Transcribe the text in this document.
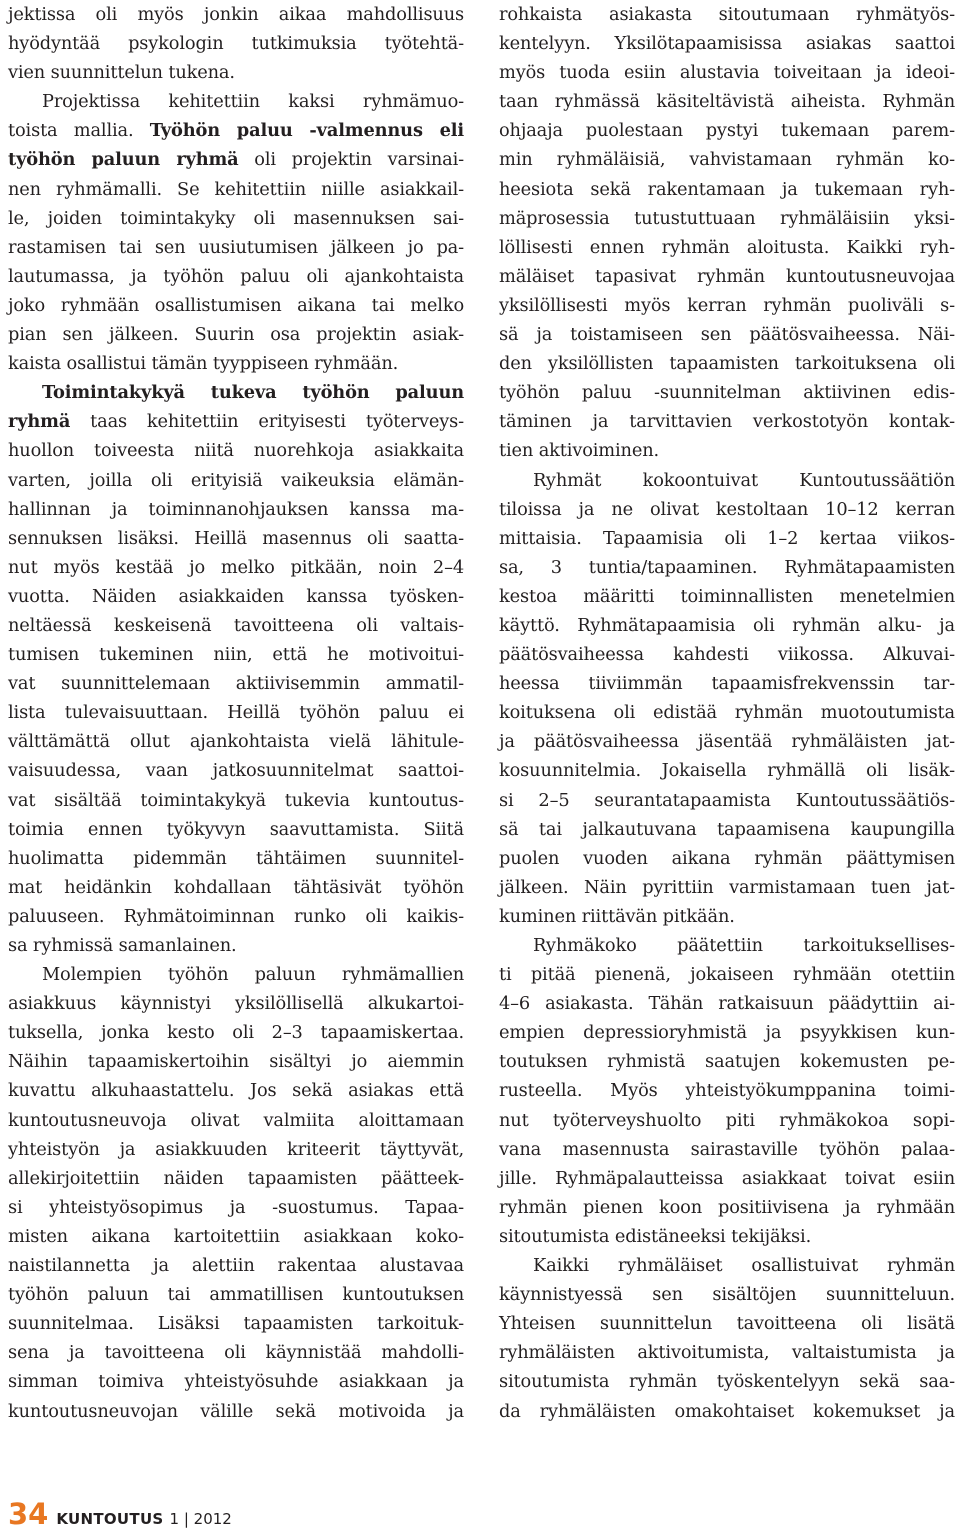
jektissa oli myös jonkin aikaa mahdollisuus
hyödyntää psykologin tutkimuksia työtehtä-
vien suunnittelun tukena.
Projektissa kehitettiin kaksi ryhmämuo-
toista mallia. Työhön paluu -valmennus eli
työhön paluun ryhmä oli projektin varsinai-
nen ryhmämalli. Se kehitettiin niille asiakkail-
le, joiden toimintakyky oli masennuksen sai-
rastamisen tai sen uusiutumisen jälkeen jo pa-
lautumassa, ja työhön paluu oli ajankohtaista
joko ryhmään osallistumisen aikana tai melko
pian sen jälkeen. Suurin osa projektin asiak-
kaista osallistui tämän tyyppiseen ryhmään.
Toimintakykyä tukeva työhön paluun
ryhmä taas kehitettiin erityisesti työterveys-
huollon toiveesta niitä nuorehkoja asiakkaita
varten, joilla oli erityisiä vaikeuksia elämän-
hallinnan ja toiminnanohjauksen kanssa ma-
sennuksen lisäksi. Heillä masennus oli saatta-
nut myös kestää jo melko pitkään, noin 2–4
vuotta. Näiden asiakkaiden kanssa työsken-
neltäessä keskeisenä tavoitteena oli valtais-
tumisen tukeminen niin, että he motivoitui-
vat suunnittelemaan aktiivisemmin ammatil-
lista tulevaisuuttaan. Heillä työhön paluu ei
välttämättä ollut ajankohtaista vielä lähitule-
vaisuudessa, vaan jatkosuunnitelmat saattoi-
vat sisältää toimintakykyä tukevia kuntoutus-
toimia ennen työkyvyn saavuttamista. Siitä
huolimatta pidemmän tähtäimen suunnitel-
mat heidänkin kohdallaan tähtäsivät työhön
paluuseen. Ryhmätoiminnan runko oli kaikis-
sa ryhmissä samanlainen.
Molempien työhön paluun ryhmämallien
asiakkuus käynnistyi yksilöllisellä alkukartoi-
tuksella, jonka kesto oli 2–3 tapaamiskertaa.
Näihin tapaamiskertoihin sisältyi jo aiemmin
kuvattu alkuhaastattelu. Jos sekä asiakas että
kuntoutusneuvoja olivat valmiita aloittamaan
yhteistyön ja asiakkuuden kriteerit täyttyvät,
allekirjoitettiin näiden tapaamisten päätteek-
si yhteistyösopimus ja -suostumus. Tapaa-
misten aikana kartoitettiin asiakkaan koko-
naistilannetta ja alettiin rakentaa alustavaa
työhön paluun tai ammatillisen kuntoutuksen
suunnitelmaa. Lisäksi tapaamisten tarkoituk-
sena ja tavoitteena oli käynnistää mahdolli-
simman toimiva yhteistyösuhde asiakkaan ja
kuntoutusneuvojan välille sekä motivoida ja
rohkaista asiakasta sitoutumaan ryhmätyös-
kentelyyn. Yksilötapaamisissa asiakas saattoi
myös tuoda esiin alustavia toiveitaan ja ideoi-
taan ryhmässä käsiteltävistä aiheista. Ryhmän
ohjaaja puolestaan pystyi tukemaan parem-
min ryhmäläisiä, vahvistamaan ryhmän ko-
heesiota sekä rakentamaan ja tukemaan ryh-
mäprosessia tutustuttuaan ryhmäläisiin yksi-
löllisesti ennen ryhmän aloitusta. Kaikki ryh-
mäläiset tapasivat ryhmän kuntoutusneuvojaa
yksilöllisesti myös kerran ryhmän puoliväli s-
sä ja toistamiseen sen päätösvaiheessa. Näi-
den yksilöllisten tapaamisten tarkoituksena oli
työhön paluu -suunnitelman aktiivinen edis-
täminen ja tarvittavien verkostotyön kontak-
tien aktivoiminen.
Ryhmät kokoontuivat Kuntoutussäätiön
tiloissa ja ne olivat kestoltaan 10–12 kerran
mittaisia. Tapaamisia oli 1–2 kertaa viikos-
sa, 3 tuntia/tapaaminen. Ryhmätapaamisten
kestoa määritti toiminnallisten menetelmien
käyttö. Ryhmätapaamisia oli ryhmän alku- ja
päätösvaiheessa kahdesti viikossa. Alkuvai-
heessa tiiviimmän tapaamisfrekvenssin tar-
koituksena oli edistää ryhmän muotoutumista
ja päätösvaiheessa jäsentää ryhmäläisten jat-
kosuunnitelmia. Jokaisella ryhmällä oli lisäk-
si 2–5 seurantatapaamista Kuntoutussäätiös-
sä tai jalkautuvana tapaamisena kaupungilla
puolen vuoden aikana ryhmän päättymisen
jälkeen. Näin pyrittiin varmistamaan tuen jat-
kuminen riittävän pitkään.
Ryhmäkoko päätettiin tarkoituksellises-
ti pitää pienenä, jokaiseen ryhmään otettiin
4–6 asiakasta. Tähän ratkaisuun päädyttiin ai-
empien depressioryhmistä ja psyykkisen kun-
toutuksen ryhmistä saatujen kokemusten pe-
rusteella. Myös yhteistyökumppanina toimi-
nut työterveyshuolto piti ryhmäkokoa sopi-
vana masennusta sairastaville työhön palaa-
jille. Ryhmäpalautteissa asiakkaat toivat esiin
ryhmän pienen koon positiivisena ja ryhmään
sitoutumista edistäneeksi tekijäksi.
Kaikki ryhmäläiset osallistuivat ryhmän
käynnistyessä sen sisältöjen suunnitteluun.
Yhteisen suunnittelun tavoitteena oli lisätä
ryhmäläisten aktivoitumista, valtaistumista ja
sitoutumista ryhmän työskentelyyn sekä saa-
da ryhmäläisten omakohtaiset kokemukset ja
34 KUNTOUTUS 1 | 2012
